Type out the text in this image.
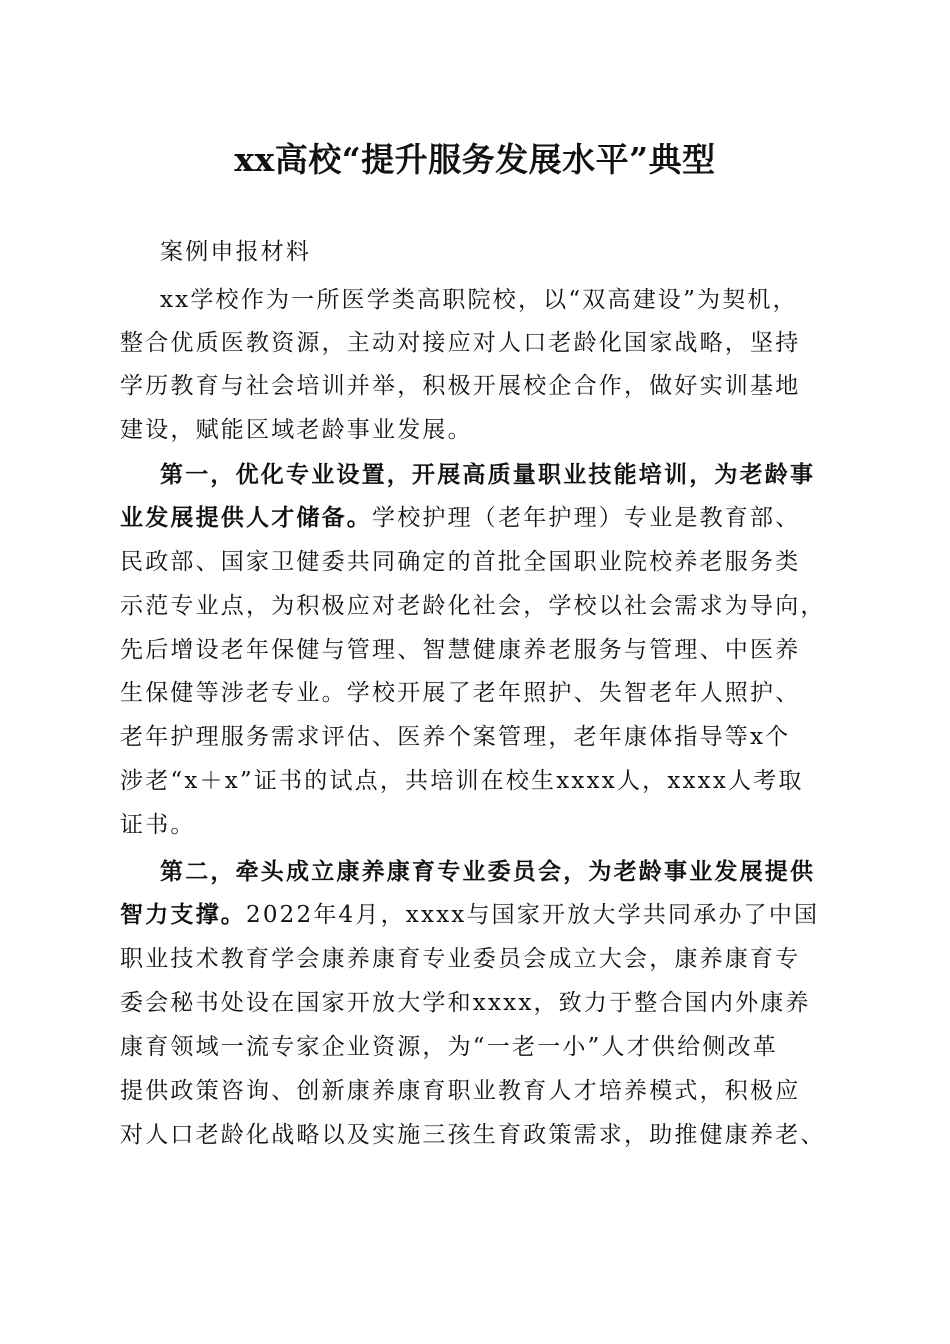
xx高校“提升服务发展水平”典型
案例申报材料
xx学校作为一所医学类高职院校，以“双高建设”为契机，
整合优质医教资源，主动对接应对人口老龄化国家战略，坚持
学历教育与社会培训并举，积极开展校企合作，做好实训基地
建设，赋能区域老龄事业发展。
第一，优化专业设置，开展高质量职业技能培训，为老龄事
业发展提供人才储备。学校护理（老年护理）专业是教育部、
民政部、国家卫健委共同确定的首批全国职业院校养老服务类
示范专业点，为积极应对老龄化社会，学校以社会需求为导向，
先后增设老年保健与管理、智慧健康养老服务与管理、中医养
生保健等涉老专业。学校开展了老年照护、失智老年人照护、
老年护理服务需求评估、医养个案管理，老年康体指导等x个
涉老“x＋x”证书的试点，共培训在校生xxxx人，xxxx人考取
证书。
第二，牵头成立康养康育专业委员会，为老龄事业发展提供
智力支撑。2022年4月，xxxx与国家开放大学共同承办了中国
职业技术教育学会康养康育专业委员会成立大会，康养康育专
委会秘书处设在国家开放大学和xxxx，致力于整合国内外康养
康育领域一流专家企业资源，为“一老一小”人才供给侧改革
提供政策咨询、创新康养康育职业教育人才培养模式，积极应
对人口老龄化战略以及实施三孩生育政策需求，助推健康养老、
